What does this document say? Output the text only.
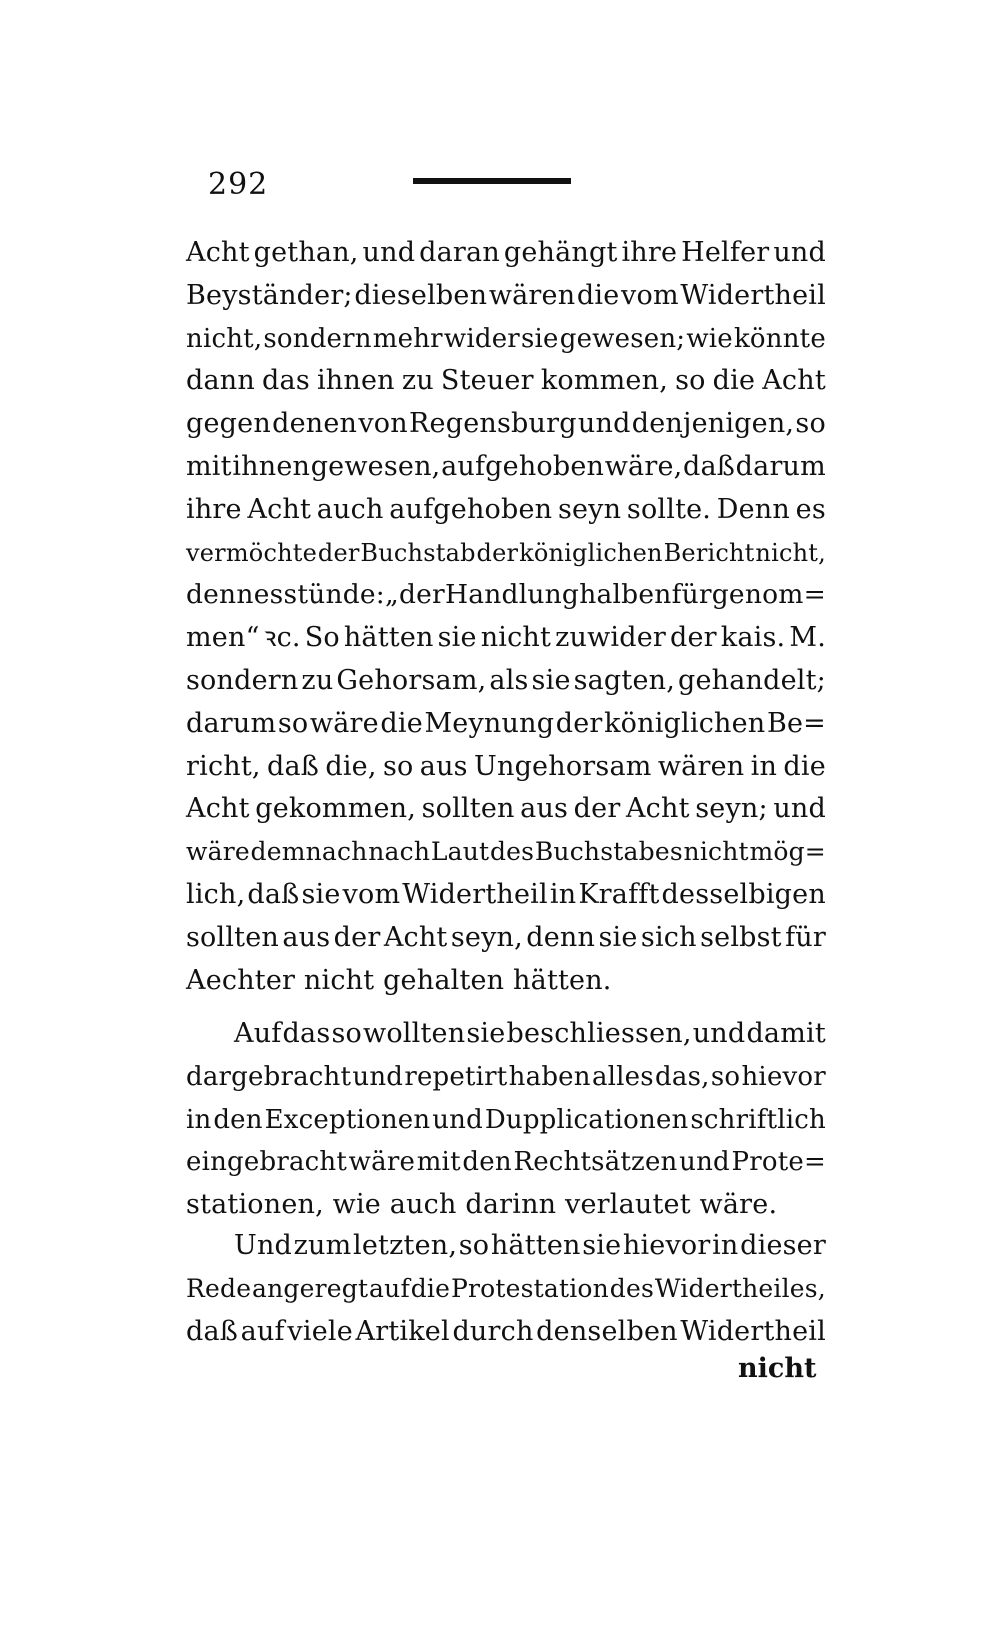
292
Acht gethan, und daran gehängt ihre Helfer und
Beyständer; dieselben wären die vom Widertheil
nicht, sondern mehr wider sie gewesen; wie könnte
dann das ihnen zu Steuer kommen, so die Acht
gegen denen von Regensburg und denjenigen, so
mit ihnen gewesen, aufgehoben wäre, daß darum
ihre Acht auch aufgehoben seyn sollte. Denn es
vermöchte der Buchstab der königlichen Bericht nicht,
denn es stünde: „der Handlung halben fürgenom=
men“ ꝛc. So hätten sie nicht zuwider der kais. M.
sondern zu Gehorsam, als sie sagten, gehandelt;
darum so wäre die Meynung der königlichen Be=
richt, daß die, so aus Ungehorsam wären in die
Acht gekommen, sollten aus der Acht seyn; und
wäre demnach nach Laut des Buchstabes nicht mög=
lich, daß sie vom Widertheil in Krafft desselbigen
sollten aus der Acht seyn, denn sie sich selbst für
Aechter nicht gehalten hätten.
Auf das so wollten sie beschliessen, und damit
dargebracht und repetirt haben alles das, so hievor
in den Exceptionen und Dupplicationen schriftlich
eingebracht wäre mit den Rechtsätzen und Prote=
stationen, wie auch darinn verlautet wäre.
Und zum letzten, so hätten sie hievor in dieser
Rede angeregt auf die Protestation des Widertheiles,
daß auf viele Artikel durch denselben Widertheil
nicht
